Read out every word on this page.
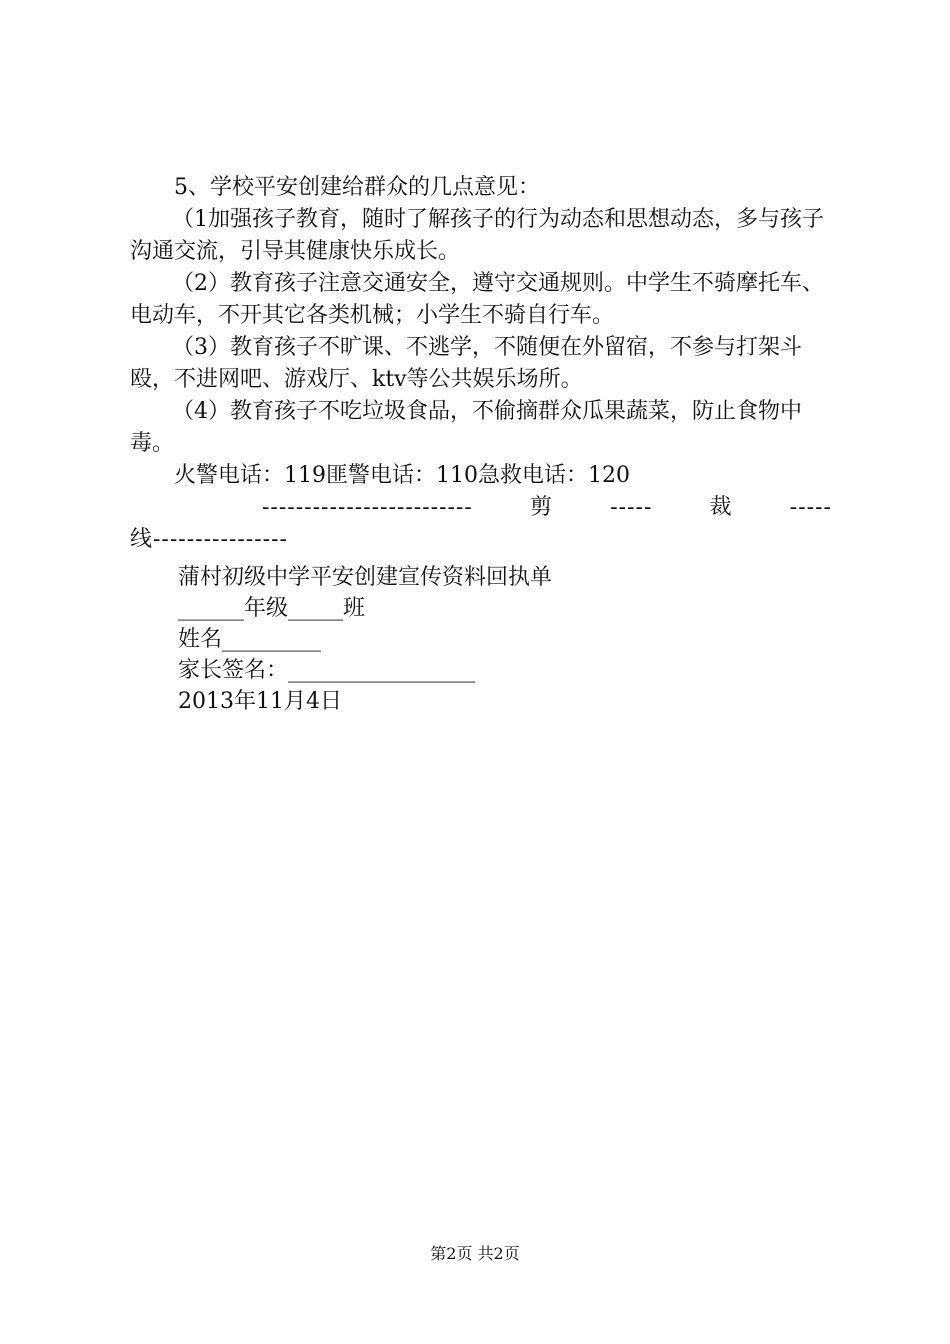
5、学校平安创建给群众的几点意见：

（1加强孩子教育，随时了解孩子的行为动态和思想动态，多与孩子沟通交流，引导其健康快乐成长。

（2）教育孩子注意交通安全，遵守交通规则。中学生不骑摩托车、电动车，不开其它各类机械；小学生不骑自行车。

（3）教育孩子不旷课、不逃学，不随便在外留宿，不参与打架斗殴，不进网吧、游戏厅、ktv等公共娱乐场所。

（4）教育孩子不吃垃圾食品，不偷摘群众瓜果蔬菜，防止食物中毒。

火警电话：119匪警电话：110急救电话：120

-------------------------	剪	-----	裁	-----
线----------------

蒲村初级中学平安创建宣传资料回执单

______年级_____班

姓名_________

家长签名：_________________

2013年11月4日

第2页 共2页
